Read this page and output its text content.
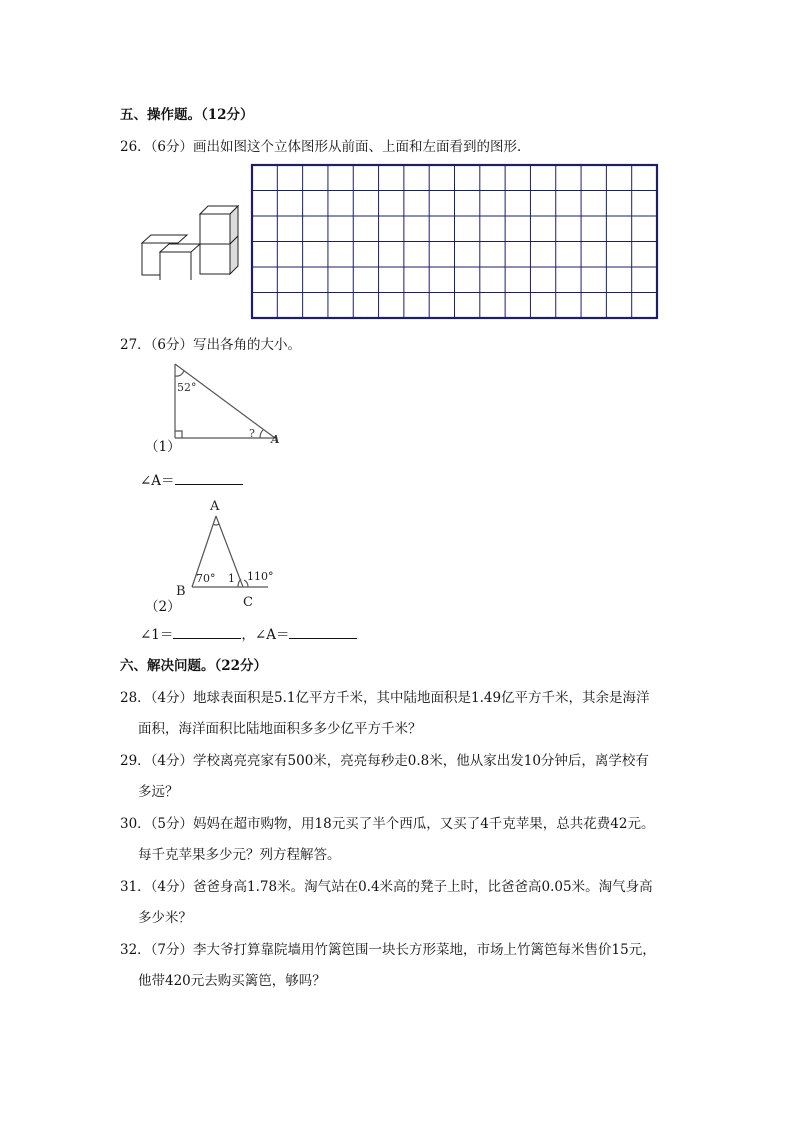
五、操作题。（12分）
26．（6分）画出如图这个立体图形从前面、上面和左面看到的图形．
27．（6分）写出各角的大小。
52°
? A
（1）
∠A＝
A
B
C
70° 1 110°
（2）
∠1＝	，∠A＝
六、解决问题。（22分）
28．（4分）地球表面积是5.1亿平方千米，其中陆地面积是1.49亿平方千米，其余是海洋
面积，海洋面积比陆地面积多多少亿平方千米？
29．（4分）学校离亮亮家有500米，亮亮每秒走0.8米，他从家出发10分钟后，离学校有
多远？
30．（5分）妈妈在超市购物，用18元买了半个西瓜，又买了4千克苹果，总共花费42元。
每千克苹果多少元？列方程解答。
31．（4分）爸爸身高1.78米。淘气站在0.4米高的凳子上时，比爸爸高0.05米。淘气身高
多少米？
32．（7分）李大爷打算靠院墙用竹篱笆围一块长方形菜地，市场上竹篱笆每米售价15元，
他带420元去购买篱笆，够吗？
